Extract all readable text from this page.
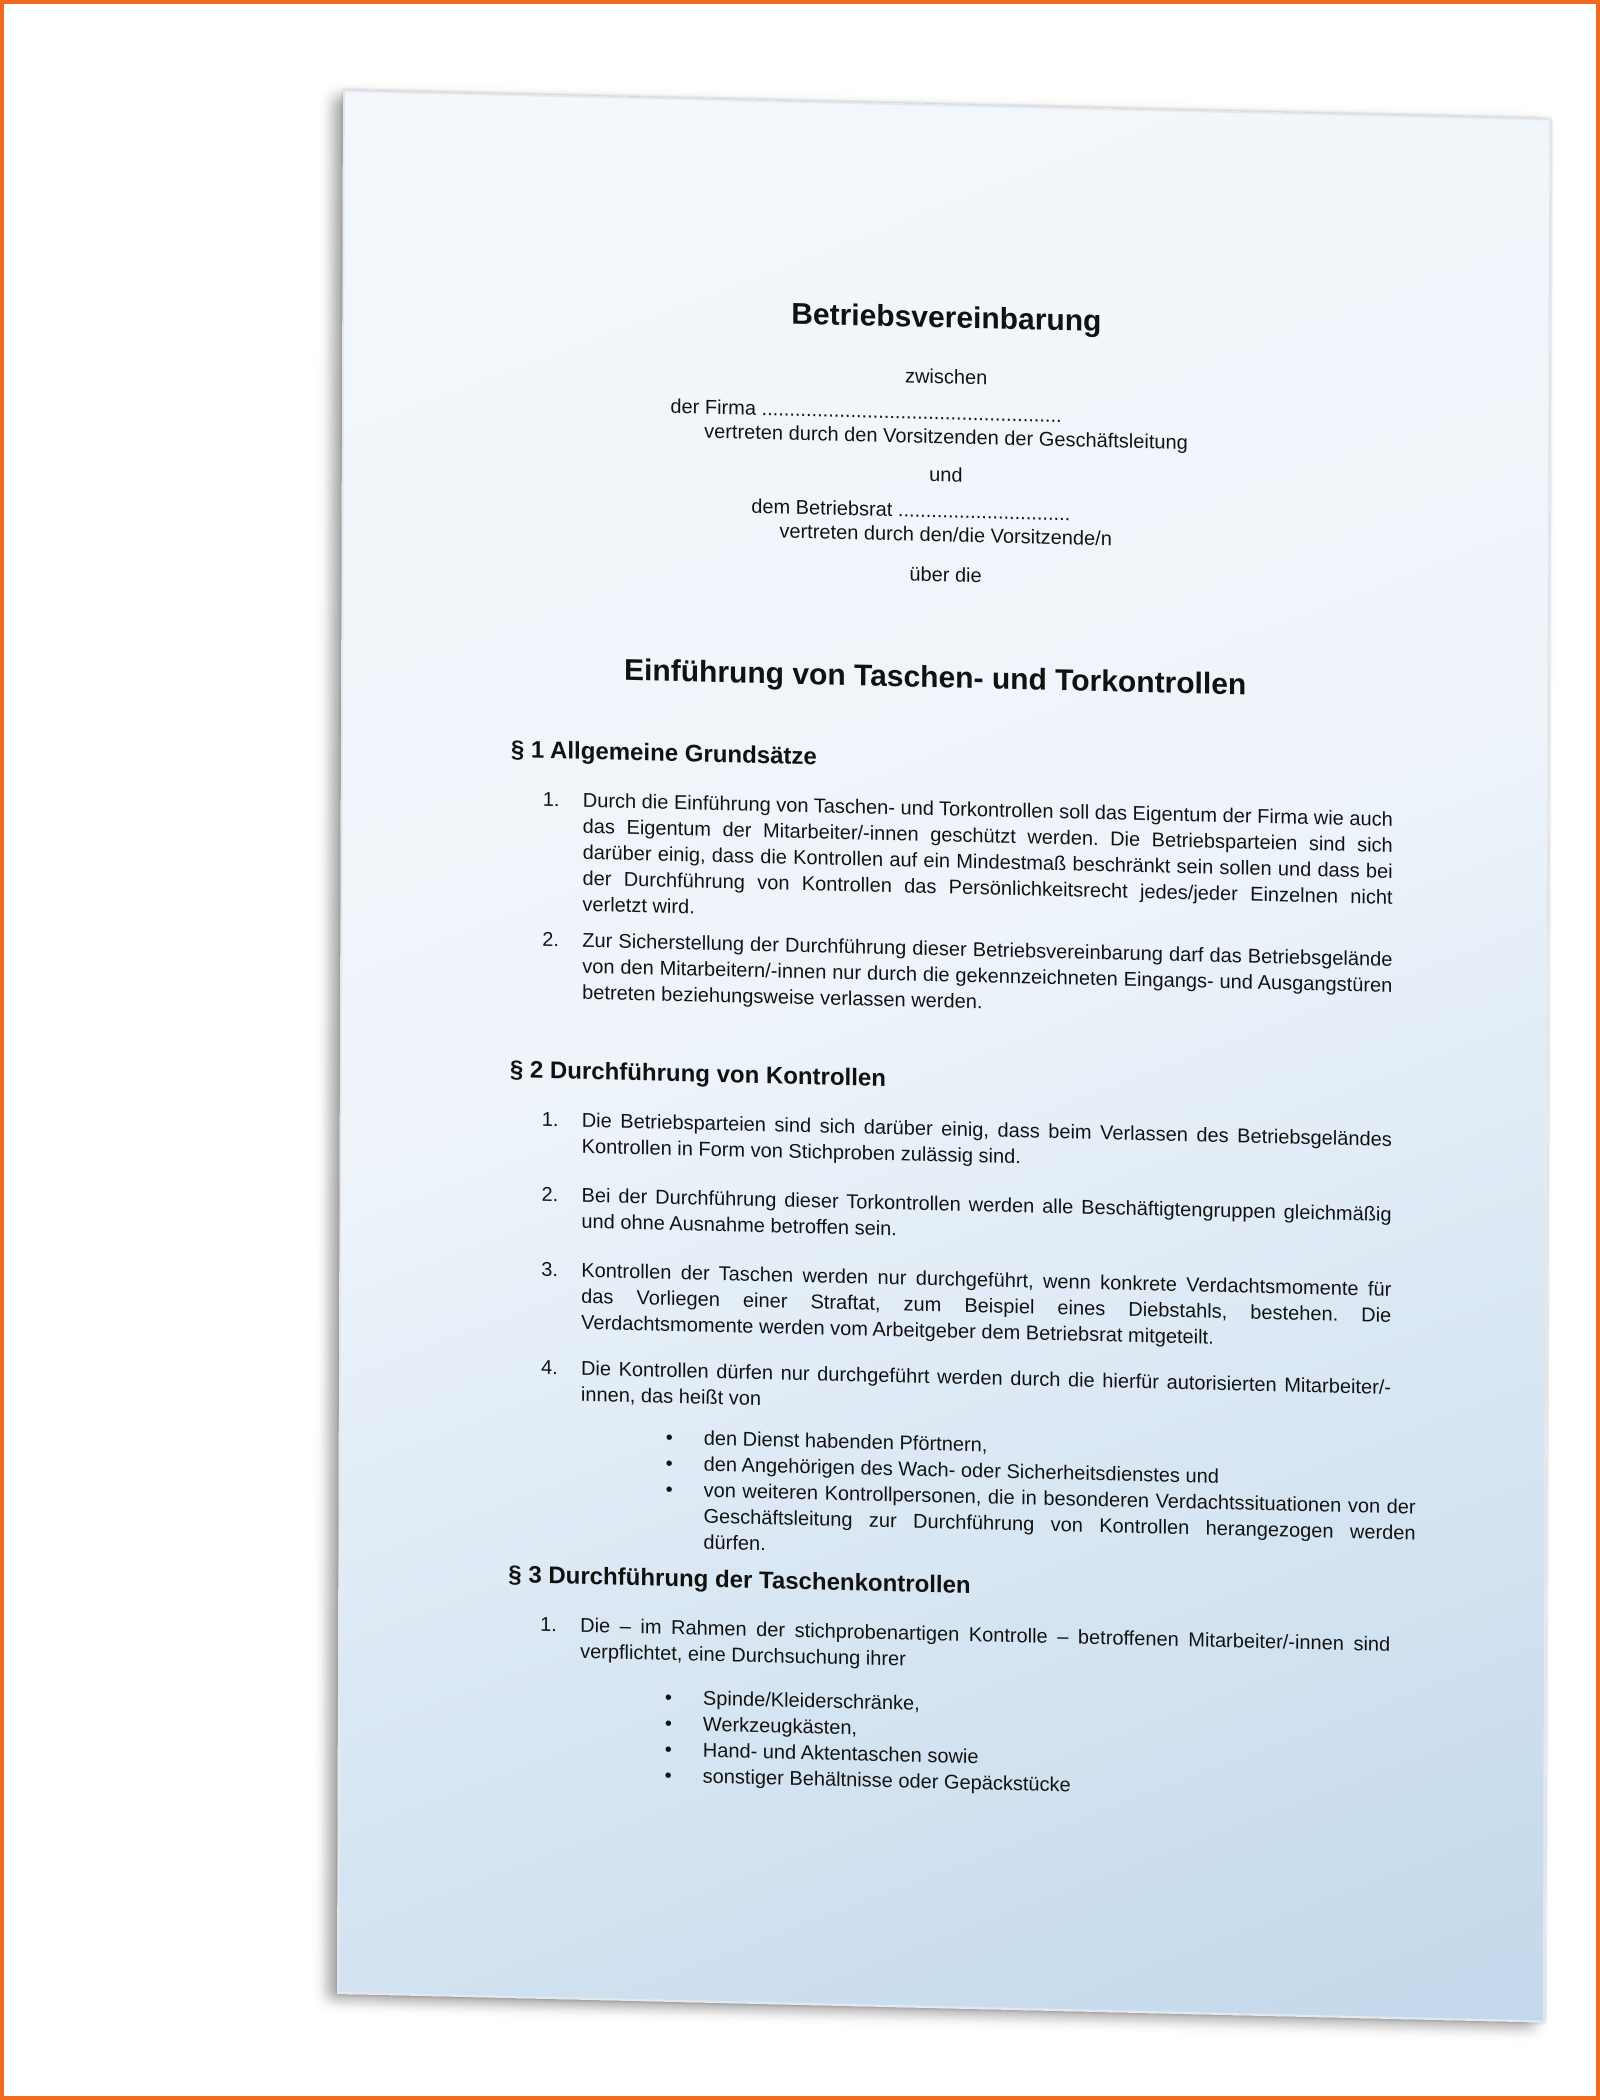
Betriebsvereinbarung
zwischen
der Firma ......................................................
vertreten durch den Vorsitzenden der Geschäftsleitung
und
dem Betriebsrat ...............................
vertreten durch den/die Vorsitzende/n
über die
Einführung von Taschen- und Torkontrollen
§ 1 Allgemeine Grundsätze
1.	Durch die Einführung von Taschen- und Torkontrollen soll das Eigentum der Firma wie auch das Eigentum der Mitarbeiter/-innen geschützt werden. Die Betriebsparteien sind sich darüber einig, dass die Kontrollen auf ein Mindestmaß beschränkt sein sollen und dass bei der Durchführung von Kontrollen das Persönlichkeitsrecht jedes/jeder Einzelnen nicht verletzt wird.
2.	Zur Sicherstellung der Durchführung dieser Betriebsvereinbarung darf das Betriebsgelände von den Mitarbeitern/-innen nur durch die gekennzeichneten Eingangs- und Ausgangstüren betreten beziehungsweise verlassen werden.
§ 2 Durchführung von Kontrollen
1.	Die Betriebsparteien sind sich darüber einig, dass beim Verlassen des Betriebsgeländes Kontrollen in Form von Stichproben zulässig sind.
2.	Bei der Durchführung dieser Torkontrollen werden alle Beschäftigtengruppen gleichmäßig und ohne Ausnahme betroffen sein.
3.	Kontrollen der Taschen werden nur durchgeführt, wenn konkrete Verdachtsmomente für das Vorliegen einer Straftat, zum Beispiel eines Diebstahls, bestehen. Die Verdachtsmomente werden vom Arbeitgeber dem Betriebsrat mitgeteilt.
4.	Die Kontrollen dürfen nur durchgeführt werden durch die hierfür autorisierten Mitarbeiter/-innen, das heißt von
• den Dienst habenden Pförtnern,
• den Angehörigen des Wach- oder Sicherheitsdienstes und
• von weiteren Kontrollpersonen, die in besonderen Verdachtssituationen von der Geschäftsleitung zur Durchführung von Kontrollen herangezogen werden dürfen.
§ 3 Durchführung der Taschenkontrollen
1.	Die – im Rahmen der stichprobenartigen Kontrolle – betroffenen Mitarbeiter/-innen sind verpflichtet, eine Durchsuchung ihrer
• Spinde/Kleiderschränke,
• Werkzeugkästen,
• Hand- und Aktentaschen sowie
• sonstiger Behältnisse oder Gepäckstücke
